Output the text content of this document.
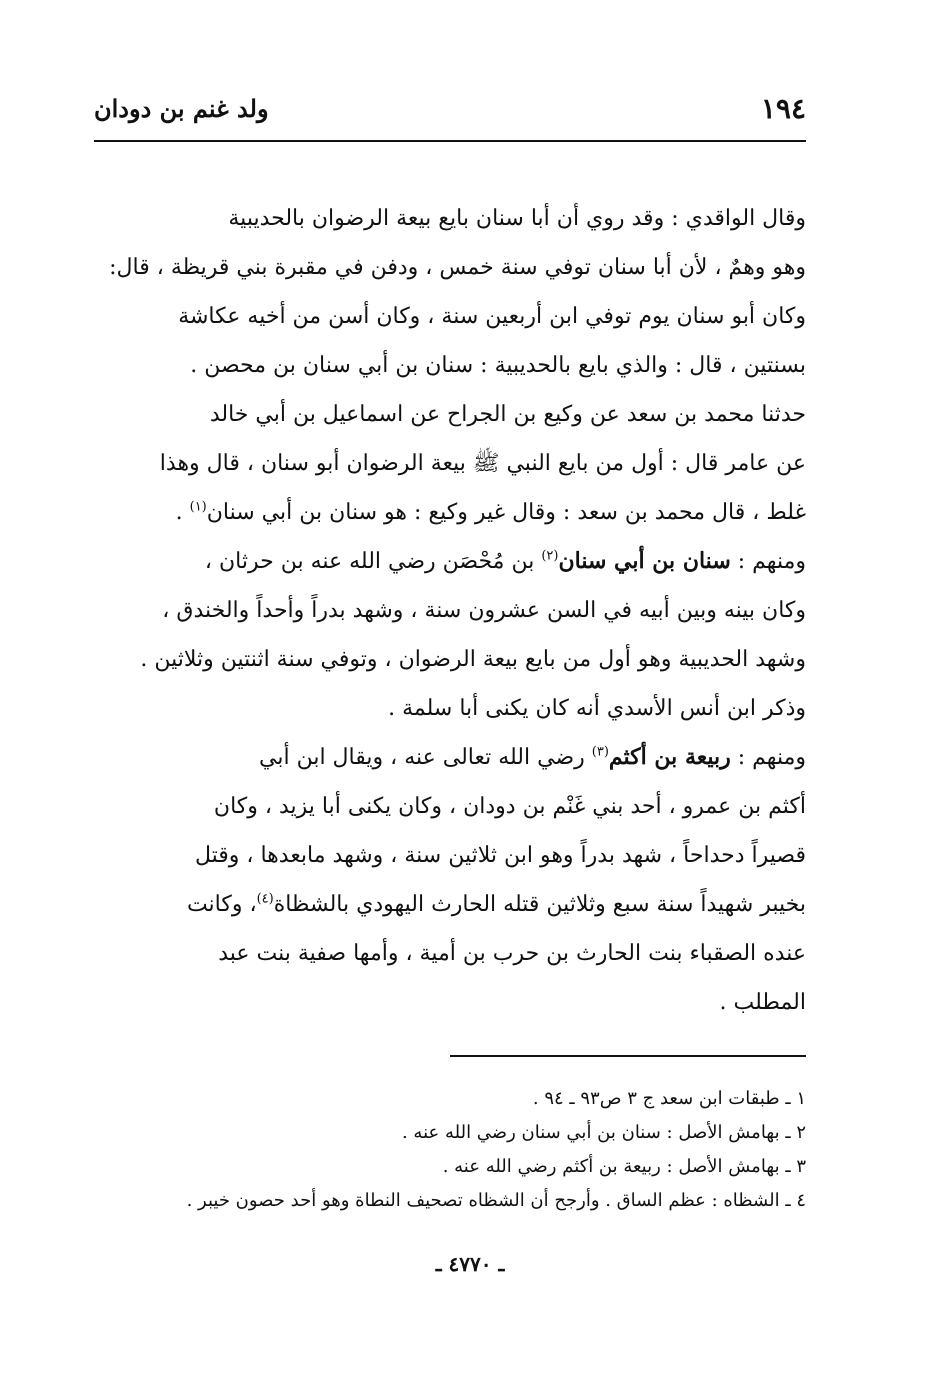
١٩٤
ولد غنم بن دودان
وقال الواقدي : وقد روي أن أبا سنان بايع بيعة الرضوان بالحديبية
وهو وهمٌ ، لأن أبا سنان توفي سنة خمس ، ودفن في مقبرة بني قريظة ، قال:
وكان أبو سنان يوم توفي ابن أربعين سنة ، وكان أسن من أخيه عكاشة
بسنتين ، قال : والذي بايع بالحديبية : سنان بن أبي سنان بن محصن .
حدثنا محمد بن سعد عن وكيع بن الجراح عن اسماعيل بن أبي خالد
عن عامر قال : أول من بايع النبي ﷺ بيعة الرضوان أبو سنان ، قال وهذا
غلط ، قال محمد بن سعد : وقال غير وكيع : هو سنان بن أبي سنان$^{(١)}$ .
ومنهم : سنان بن أبي سنان$^{(٢)}$ بن مُحْصَن رضي الله عنه بن حرثان ،
وكان بينه وبين أبيه في السن عشرون سنة ، وشهد بدراً وأحداً والخندق ،
وشهد الحديبية وهو أول من بايع بيعة الرضوان ، وتوفي سنة اثنتين وثلاثين .
وذكر ابن أنس الأسدي أنه كان يكنى أبا سلمة .
ومنهم : ربيعة بن أكثم$^{(٣)}$ رضي الله تعالى عنه ، ويقال ابن أبي
أكثم بن عمرو ، أحد بني غَنْم بن دودان ، وكان يكنى أبا يزيد ، وكان
قصيراً دحداحاً ، شهد بدراً وهو ابن ثلاثين سنة ، وشهد مابعدها ، وقتل
بخيبر شهيداً سنة سبع وثلاثين قتله الحارث اليهودي بالشظاة$^{(٤)}$، وكانت
عنده الصقباء بنت الحارث بن حرب بن أمية ، وأمها صفية بنت عبد
المطلب .
١ ـ طبقات ابن سعد ج ٣ ص٩٣ ـ ٩٤ .
٢ ـ بهامش الأصل : سنان بن أبي سنان رضي الله عنه .
٣ ـ بهامش الأصل : ربيعة بن أكثم رضي الله عنه .
٤ ـ الشظاه : عظم الساق . وأرجح أن الشظاه تصحيف النطاة وهو أحد حصون خيبر .
ـ ٤٧٧٠ ـ
